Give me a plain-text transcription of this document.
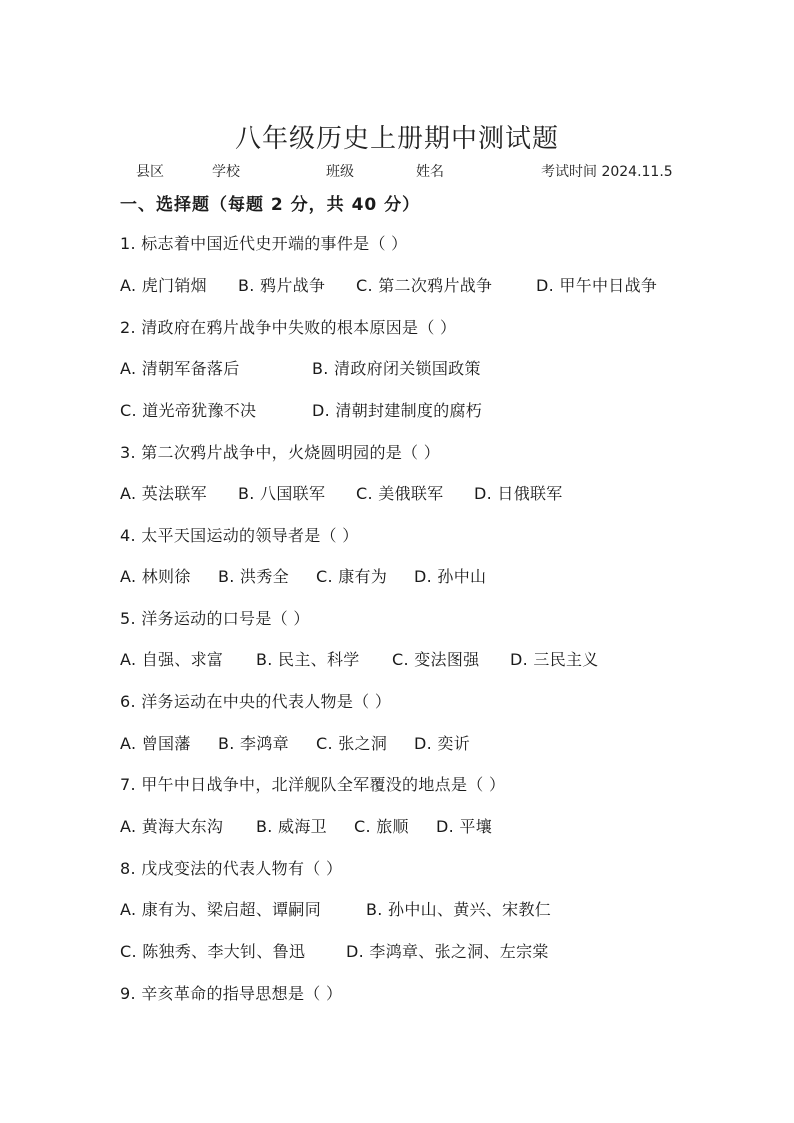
八年级历史上册期中测试题
县区	学校	班级	姓名	考试时间 2024.11.5
一、选择题（每题 2 分，共 40 分）
1. 标志着中国近代史开端的事件是（ ）
A. 虎门销烟 B. 鸦片战争 C. 第二次鸦片战争	D. 甲午中日战争
2. 清政府在鸦片战争中失败的根本原因是（ ）
A. 清朝军备落后	B. 清政府闭关锁国政策
C. 道光帝犹豫不决	D. 清朝封建制度的腐朽
3. 第二次鸦片战争中，火烧圆明园的是（ ）
A. 英法联军 B. 八国联军 C. 美俄联军 D. 日俄联军
4. 太平天国运动的领导者是（ ）
A. 林则徐 B. 洪秀全 C. 康有为 D. 孙中山
5. 洋务运动的口号是（ ）
A. 自强、求富 B. 民主、科学 C. 变法图强 D. 三民主义
6. 洋务运动在中央的代表人物是（ ）
A. 曾国藩 B. 李鸿章 C. 张之洞 D. 奕䜣
7. 甲午中日战争中，北洋舰队全军覆没的地点是（ ）
A. 黄海大东沟 B. 威海卫 C. 旅顺 D. 平壤
8. 戊戌变法的代表人物有（ ）
A. 康有为、梁启超、谭嗣同	B. 孙中山、黄兴、宋教仁
C. 陈独秀、李大钊、鲁迅	D. 李鸿章、张之洞、左宗棠
9. 辛亥革命的指导思想是（ ）
